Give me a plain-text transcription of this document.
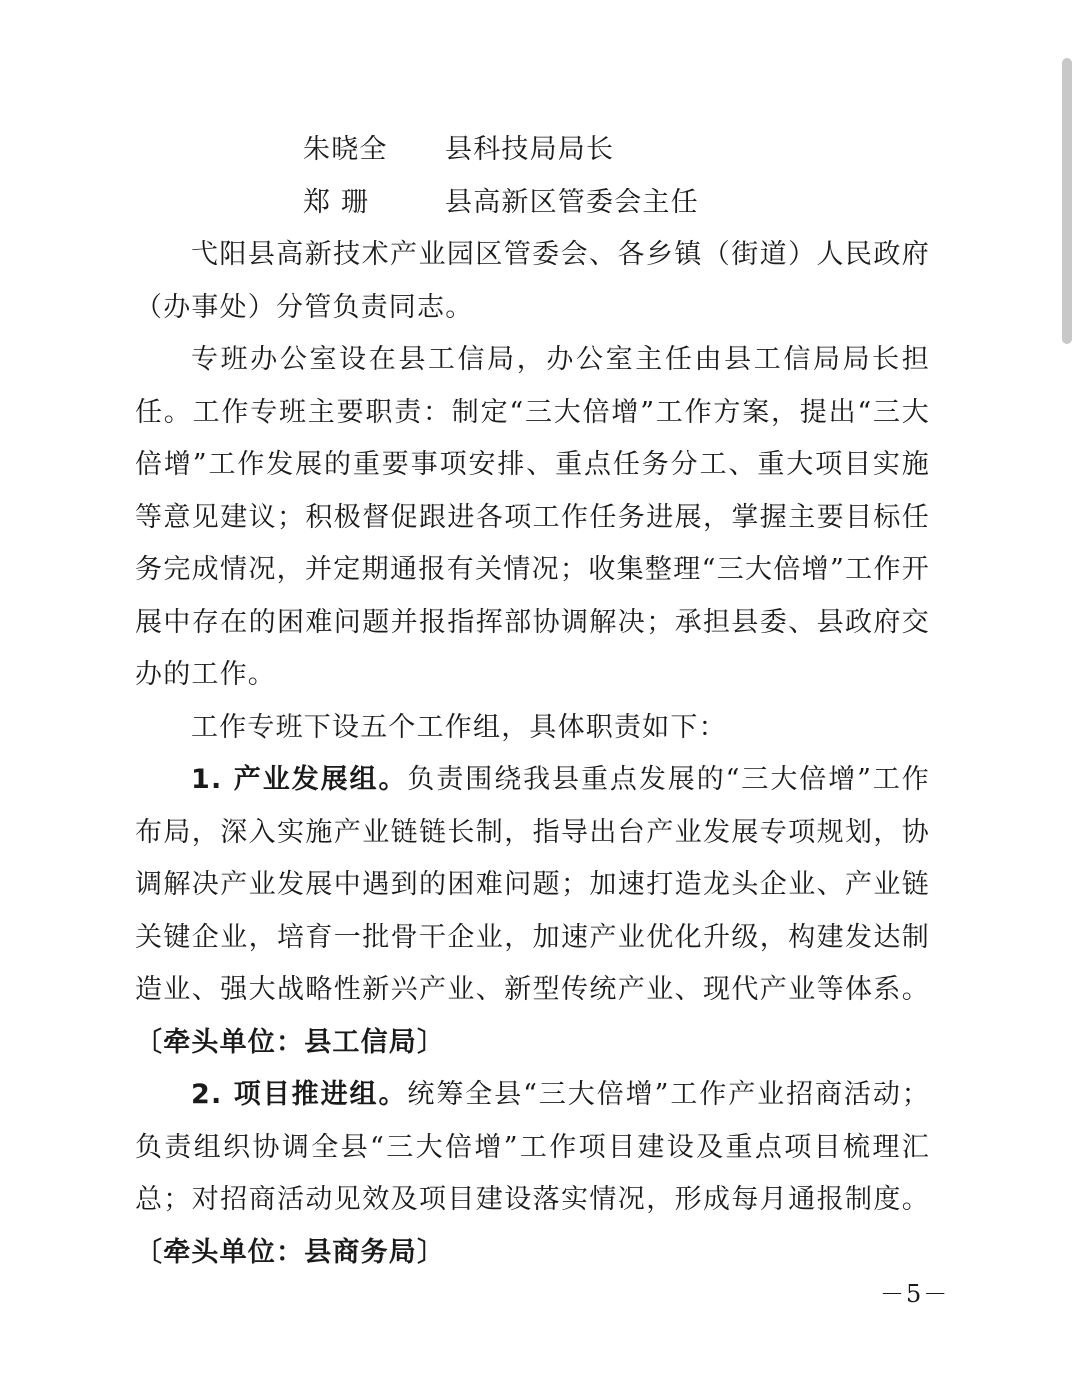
朱晓全 县科技局局长
郑 珊	县高新区管委会主任

弋阳县高新技术产业园区管委会、各乡镇（街道）人民政府（办事处）分管负责同志。

专班办公室设在县工信局，办公室主任由县工信局局长担任。工作专班主要职责：制定“三大倍增”工作方案，提出“三大倍增”工作发展的重要事项安排、重点任务分工、重大项目实施等意见建议；积极督促跟进各项工作任务进展，掌握主要目标任务完成情况，并定期通报有关情况；收集整理“三大倍增”工作开展中存在的困难问题并报指挥部协调解决；承担县委、县政府交办的工作。

工作专班下设五个工作组，具体职责如下：

1. 产业发展组。负责围绕我县重点发展的“三大倍增”工作布局，深入实施产业链链长制，指导出台产业发展专项规划，协调解决产业发展中遇到的困难问题；加速打造龙头企业、产业链关键企业，培育一批骨干企业，加速产业优化升级，构建发达制造业、强大战略性新兴产业、新型传统产业、现代产业等体系。〔牵头单位：县工信局〕

2. 项目推进组。统筹全县“三大倍增”工作产业招商活动；负责组织协调全县“三大倍增”工作项目建设及重点项目梳理汇总；对招商活动见效及项目建设落实情况，形成每月通报制度。〔牵头单位：县商务局〕

－5－
